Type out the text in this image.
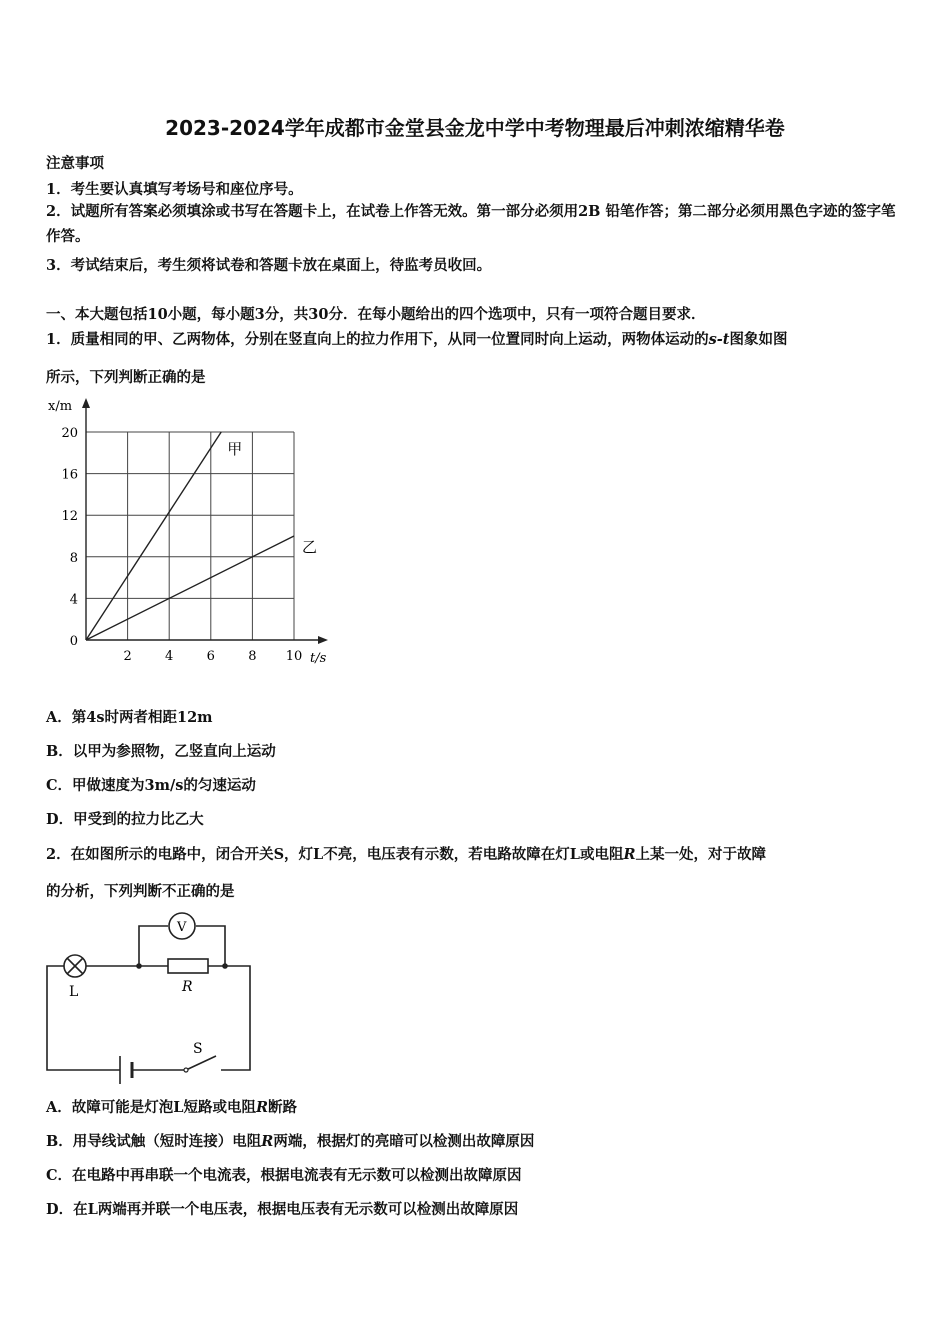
2023-2024学年成都市金堂县金龙中学中考物理最后冲刺浓缩精华卷
注意事项
1．考生要认真填写考场号和座位序号。
2．试题所有答案必须填涂或书写在答题卡上，在试卷上作答无效。第一部分必须用2B 铅笔作答；第二部分必须用黑色字迹的签字笔作答。
3．考试结束后，考生须将试卷和答题卡放在桌面上，待监考员收回。
一、本大题包括10小题，每小题3分，共30分．在每小题给出的四个选项中，只有一项符合题目要求．
1．质量相同的甲、乙两物体，分别在竖直向上的拉力作用下，从同一位置同时向上运动，两物体运动的s-t图象如图
所示，下列判断正确的是
2	4	6	8 10
0
4
8
12
16
20
x/m
t/s
甲
乙
A．第4s时两者相距12m
B．以甲为参照物，乙竖直向上运动
C．甲做速度为3m/s的匀速运动
D．甲受到的拉力比乙大
2．在如图所示的电路中，闭合开关S，灯L不亮，电压表有示数，若电路故障在灯L或电阻R上某一处，对于故障
的分析，下列判断不正确的是
V
L	R
S
A．故障可能是灯泡L短路或电阻R断路
B．用导线试触（短时连接）电阻R两端，根据灯的亮暗可以检测出故障原因
C．在电路中再串联一个电流表，根据电流表有无示数可以检测出故障原因
D．在L两端再并联一个电压表，根据电压表有无示数可以检测出故障原因
